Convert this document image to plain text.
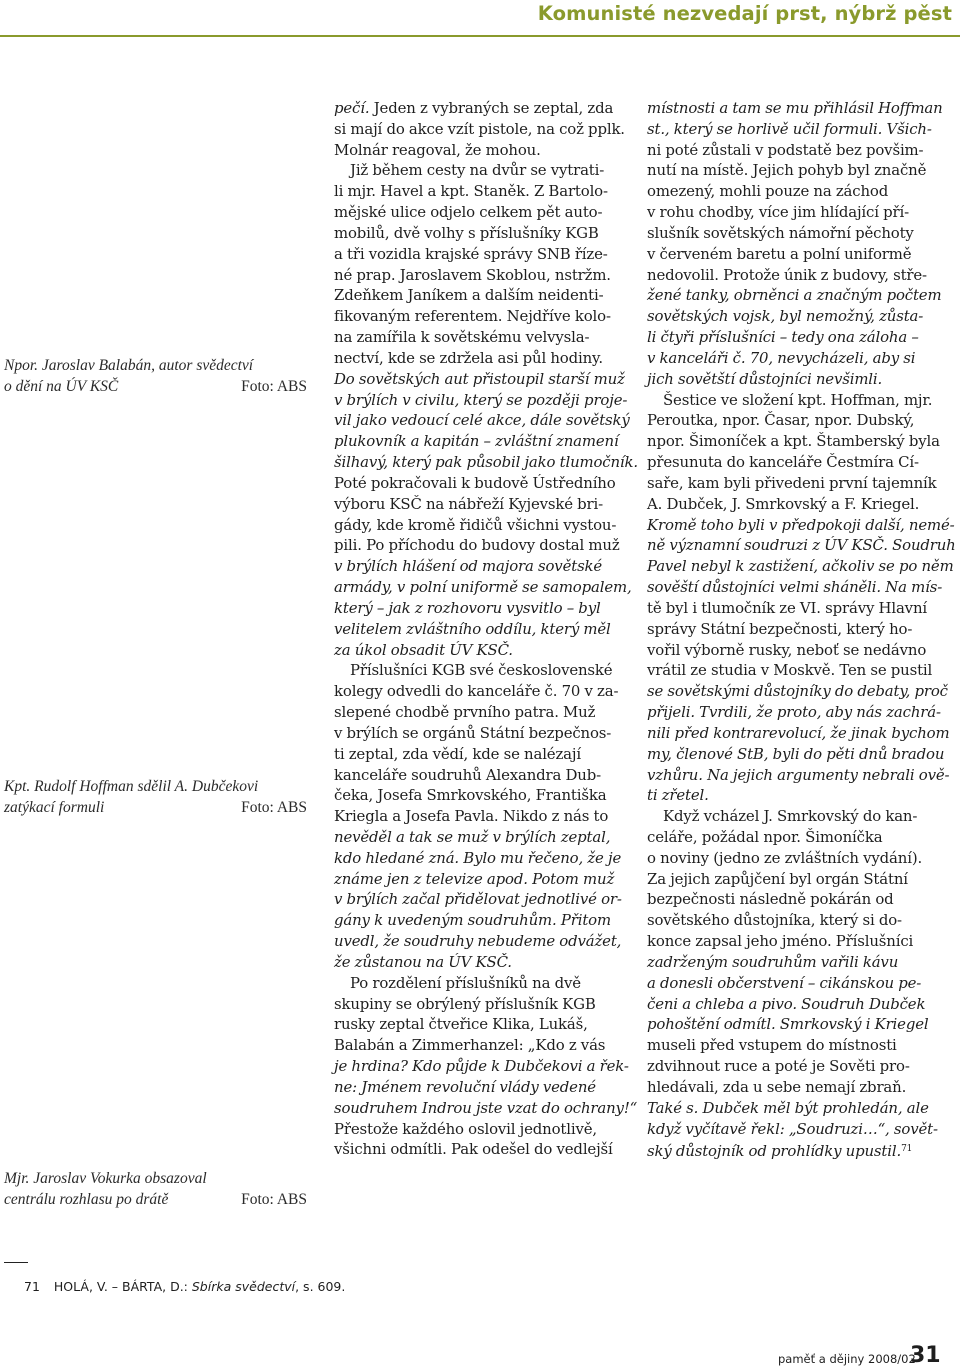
Komunisté nezvedají prst, nýbrž pěst
Npor. Jaroslav Balabán, autor svědectví
Foto: ABS
o dění na ÚV KSČ
Kpt. Rudolf Hoffman sdělil A. Dubčekovi
Foto: ABS
zatýkací formuli
Mjr. Jaroslav Vokurka obsazoval
Foto: ABS
centrálu rozhlasu po drátě
pečí. Jeden z vybraných se zeptal, zda
si mají do akce vzít pistole, na což pplk.
Molnár reagoval, že mohou.
Již během cesty na dvůr se vytrati-
li mjr. Havel a kpt. Staněk. Z Bartolo-
mějské ulice odjelo celkem pět auto-
mobilů, dvě volhy s příslušníky KGB
a tři vozidla krajské správy SNB říze-
né prap. Jaroslavem Skoblou, nstržm.
Zdeňkem Janíkem a dalším neidenti-
fikovaným referentem. Nejdříve kolo-
na zamířila k sovětskému velvysla-
nectví, kde se zdržela asi půl hodiny.
Do sovětských aut přistoupil starší muž
v brýlích v civilu, který se později proje-
vil jako vedoucí celé akce, dále sovětský
plukovník a kapitán – zvláštní znamení
šilhavý, který pak působil jako tlumočník.
Poté pokračovali k budově Ústředního
výboru KSČ na nábřeží Kyjevské bri-
gády, kde kromě řidičů všichni vystou-
pili. Po příchodu do budovy dostal muž
v brýlích hlášení od majora sovětské
armády, v polní uniformě se samopalem,
který – jak z rozhovoru vysvitlo – byl
velitelem zvláštního oddílu, který měl
za úkol obsadit ÚV KSČ.
Příslušníci KGB své československé
kolegy odvedli do kanceláře č. 70 v za-
slepené chodbě prvního patra. Muž
v brýlích se orgánů Státní bezpečnos-
ti zeptal, zda vědí, kde se nalézají
kanceláře soudruhů Alexandra Dub-
čeka, Josefa Smrkovského, Františka
Kriegla a Josefa Pavla. Nikdo z nás to
nevěděl a tak se muž v brýlích zeptal,
kdo hledané zná. Bylo mu řečeno, že je
známe jen z televize apod. Potom muž
v brýlích začal přidělovat jednotlivé or-
gány k uvedeným soudruhům. Přitom
uvedl, že soudruhy nebudeme odvážet,
že zůstanou na ÚV KSČ.
Po rozdělení příslušníků na dvě
skupiny se obrýlený příslušník KGB
rusky zeptal čtveřice Klika, Lukáš,
Balabán a Zimmerhanzel: „Kdo z vás
je hrdina? Kdo půjde k Dubčekovi a řek-
ne: Jménem revoluční vlády vedené
soudruhem Indrou jste vzat do ochrany!“
Přestože každého oslovil jednotlivě,
všichni odmítli. Pak odešel do vedlejší
místnosti a tam se mu přihlásil Hoffman
st., který se horlivě učil formuli. Všich-
ni poté zůstali v podstatě bez povšim-
nutí na místě. Jejich pohyb byl značně
omezený, mohli pouze na záchod
v rohu chodby, více jim hlídající pří-
slušník sovětských námořní pěchoty
v červeném baretu a polní uniformě
nedovolil. Protože únik z budovy, stře-
žené tanky, obrněnci a značným počtem
sovětských vojsk, byl nemožný, zůsta-
li čtyři příslušníci – tedy ona záloha –
v kanceláři č. 70, nevycházeli, aby si
jich sovětští důstojníci nevšimli.
Šestice ve složení kpt. Hoffman, mjr.
Peroutka, npor. Časar, npor. Dubský,
npor. Šimoníček a kpt. Štamberský byla
přesunuta do kanceláře Čestmíra Cí-
saře, kam byli přivedeni první tajemník
A. Dubček, J. Smrkovský a F. Kriegel.
Kromě toho byli v předpokoji další, nemé-
ně významní soudruzi z ÚV KSČ. Soudruh
Pavel nebyl k zastižení, ačkoliv se po něm
sověští důstojníci velmi sháněli. Na mís-
tě byl i tlumočník ze VI. správy Hlavní
správy Státní bezpečnosti, který ho-
vořil výborně rusky, neboť se nedávno
vrátil ze studia v Moskvě. Ten se pustil
se sovětskými důstojníky do debaty, proč
přijeli. Tvrdili, že proto, aby nás zachrá-
nili před kontrarevolucí, že jinak bychom
my, členové StB, byli do pěti dnů bradou
vzhůru. Na jejich argumenty nebrali ově-
ti zřetel.
Když vcházel J. Smrkovský do kan-
celáře, požádal npor. Šimoníčka
o noviny (jedno ze zvláštních vydání).
Za jejich zapůjčení byl orgán Státní
bezpečnosti následně pokárán od
sovětského důstojníka, který si do-
konce zapsal jeho jméno. Příslušníci
zadrženým soudruhům vařili kávu
a donesli občerstvení – cikánskou pe-
čeni a chleba a pivo. Soudruh Dubček
pohoštění odmítl. Smrkovský i Kriegel
museli před vstupem do místnosti
zdvihnout ruce a poté je Sověti pro-
hledávali, zda u sebe nemají zbraň.
Také s. Dubček měl být prohledán, ale
když vyčítavě řekl: „Soudruzi…“, sovět-
ský důstojník od prohlídky upustil.$^{71}$
71 HOLÁ, V. – BÁRTA, D.: Sbírka svědectví, s. 609.
paměť a dějiny 2008/02
31
